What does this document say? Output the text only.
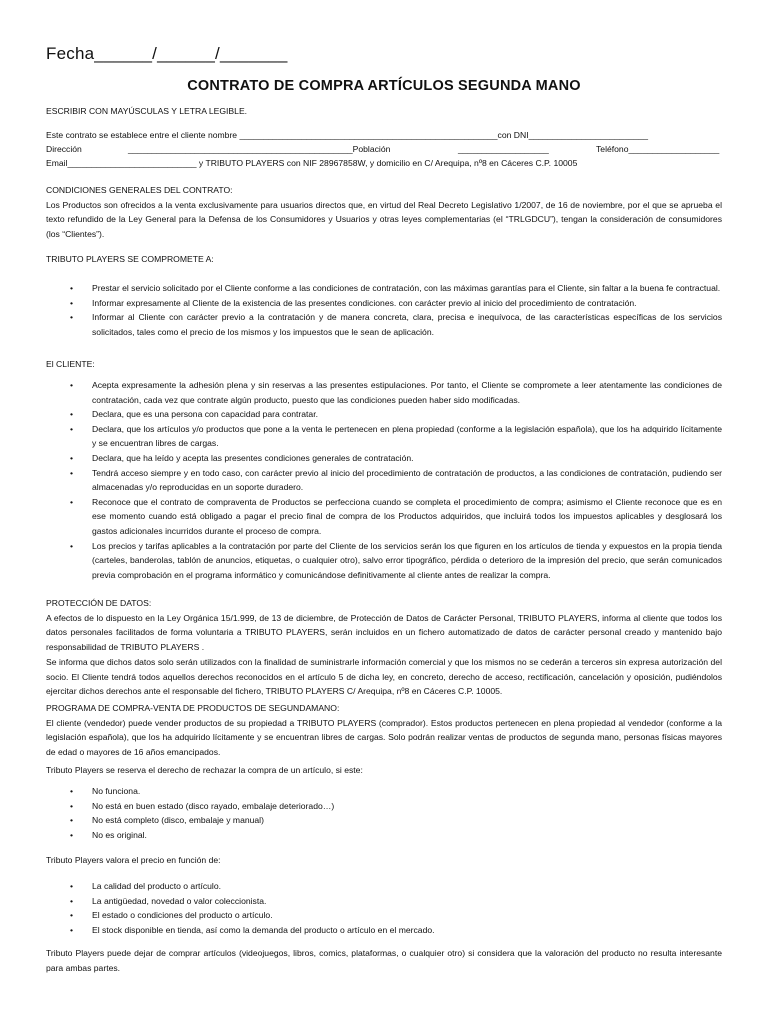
Fecha______/______/_______
CONTRATO DE COMPRA ARTÍCULOS SEGUNDA MANO
ESCRIBIR CON MAYÚSCULAS Y LETRA LEGIBLE.
Este contrato se establece entre el cliente nombre ______________________________________________________con DNI_________________________
Dirección	_______________________________________________Población	___________________	Teléfono___________________
Email___________________________ y TRIBUTO PLAYERS con NIF 28967858W, y domicilio en C/ Arequipa, nº8 en Cáceres C.P. 10005
CONDICIONES GENERALES DEL CONTRATO:
Los Productos son ofrecidos a la venta exclusivamente para usuarios directos que, en virtud del Real Decreto Legislativo 1/2007, de 16 de noviembre, por el que se aprueba el texto refundido de la Ley General para la Defensa de los Consumidores y Usuarios y otras leyes complementarias (el “TRLGDCU”), tengan la consideración de consumidores (los “Clientes”).
TRIBUTO PLAYERS SE COMPROMETE A:
• Prestar el servicio solicitado por el Cliente conforme a las condiciones de contratación, con las máximas garantías para el Cliente, sin faltar a la buena fe contractual.
• Informar expresamente al Cliente de la existencia de las presentes condiciones. con carácter previo al inicio del procedimiento de contratación.
• Informar al Cliente con carácter previo a la contratación y de manera concreta, clara, precisa e inequívoca, de las características específicas de los servicios solicitados, tales como el precio de los mismos y los impuestos que le sean de aplicación.
El CLIENTE:
• Acepta expresamente la adhesión plena y sin reservas a las presentes estipulaciones. Por tanto, el Cliente se compromete a leer atentamente las condiciones de contratación, cada vez que contrate algún producto, puesto que las condiciones pueden haber sido modificadas.
• Declara, que es una persona con capacidad para contratar.
• Declara, que los artículos y/o productos que pone a la venta le pertenecen en plena propiedad (conforme a la legislación española), que los ha adquirido lícitamente y se encuentran libres de cargas.
• Declara, que ha leído y acepta las presentes condiciones generales de contratación.
• Tendrá acceso siempre y en todo caso, con carácter previo al inicio del procedimiento de contratación de productos, a las condiciones de contratación, pudiendo ser almacenadas y/o reproducidas en un soporte duradero.
• Reconoce que el contrato de compraventa de Productos se perfecciona cuando se completa el procedimiento de compra; asimismo el Cliente reconoce que es en ese momento cuando está obligado a pagar el precio final de compra de los Productos adquiridos, que incluirá todos los impuestos aplicables y desglosará los gastos adicionales incurridos durante el proceso de compra.
• Los precios y tarifas aplicables a la contratación por parte del Cliente de los servicios serán los que figuren en los artículos de tienda y expuestos en la propia tienda (carteles, banderolas, tablón de anuncios, etiquetas, o cualquier otro), salvo error tipográfico, pérdida o deterioro de la impresión del precio, que serán comunicados previa comprobación en el programa informático y comunicándose definitivamente al cliente antes de realizar la compra.
PROTECCIÓN DE DATOS:
A efectos de lo dispuesto en la Ley Orgánica 15/1.999, de 13 de diciembre, de Protección de Datos de Carácter Personal, TRIBUTO PLAYERS, informa al cliente que todos los datos personales facilitados de forma voluntaria a TRIBUTO PLAYERS, serán incluidos en un fichero automatizado de datos de carácter personal creado y mantenido bajo responsabilidad de TRIBUTO PLAYERS .
Se informa que dichos datos solo serán utilizados con la finalidad de suministrarle información comercial y que los mismos no se cederán a terceros sin expresa autorización del socio. El Cliente tendrá todos aquellos derechos reconocidos en el artículo 5 de dicha ley, en concreto, derecho de acceso, rectificación, cancelación y oposición, pudiéndolos ejercitar dichos derechos ante el responsable del fichero, TRIBUTO PLAYERS C/ Arequipa, nº8 en Cáceres C.P. 10005.
PROGRAMA DE COMPRA-VENTA DE PRODUCTOS DE SEGUNDAMANO:
El cliente (vendedor) puede vender productos de su propiedad a TRIBUTO PLAYERS (comprador). Estos productos pertenecen en plena propiedad al vendedor (conforme a la legislación española), que los ha adquirido lícitamente y se encuentran libres de cargas. Solo podrán realizar ventas de productos de segunda mano, personas físicas mayores de edad o mayores de 16 años emancipados.
Tributo Players se reserva el derecho de rechazar la compra de un artículo, si este:
• No funciona.
• No está en buen estado (disco rayado, embalaje deteriorado…)
• No está completo (disco, embalaje y manual)
• No es original.
Tributo Players valora el precio en función de:
• La calidad del producto o artículo.
• La antigüedad, novedad o valor coleccionista.
• El estado o condiciones del producto o artículo.
• El stock disponible en tienda, así como la demanda del producto o artículo en el mercado.
Tributo Players puede dejar de comprar artículos (videojuegos, libros, comics, plataformas, o cualquier otro) si considera que la valoración del producto no resulta interesante para ambas partes.
